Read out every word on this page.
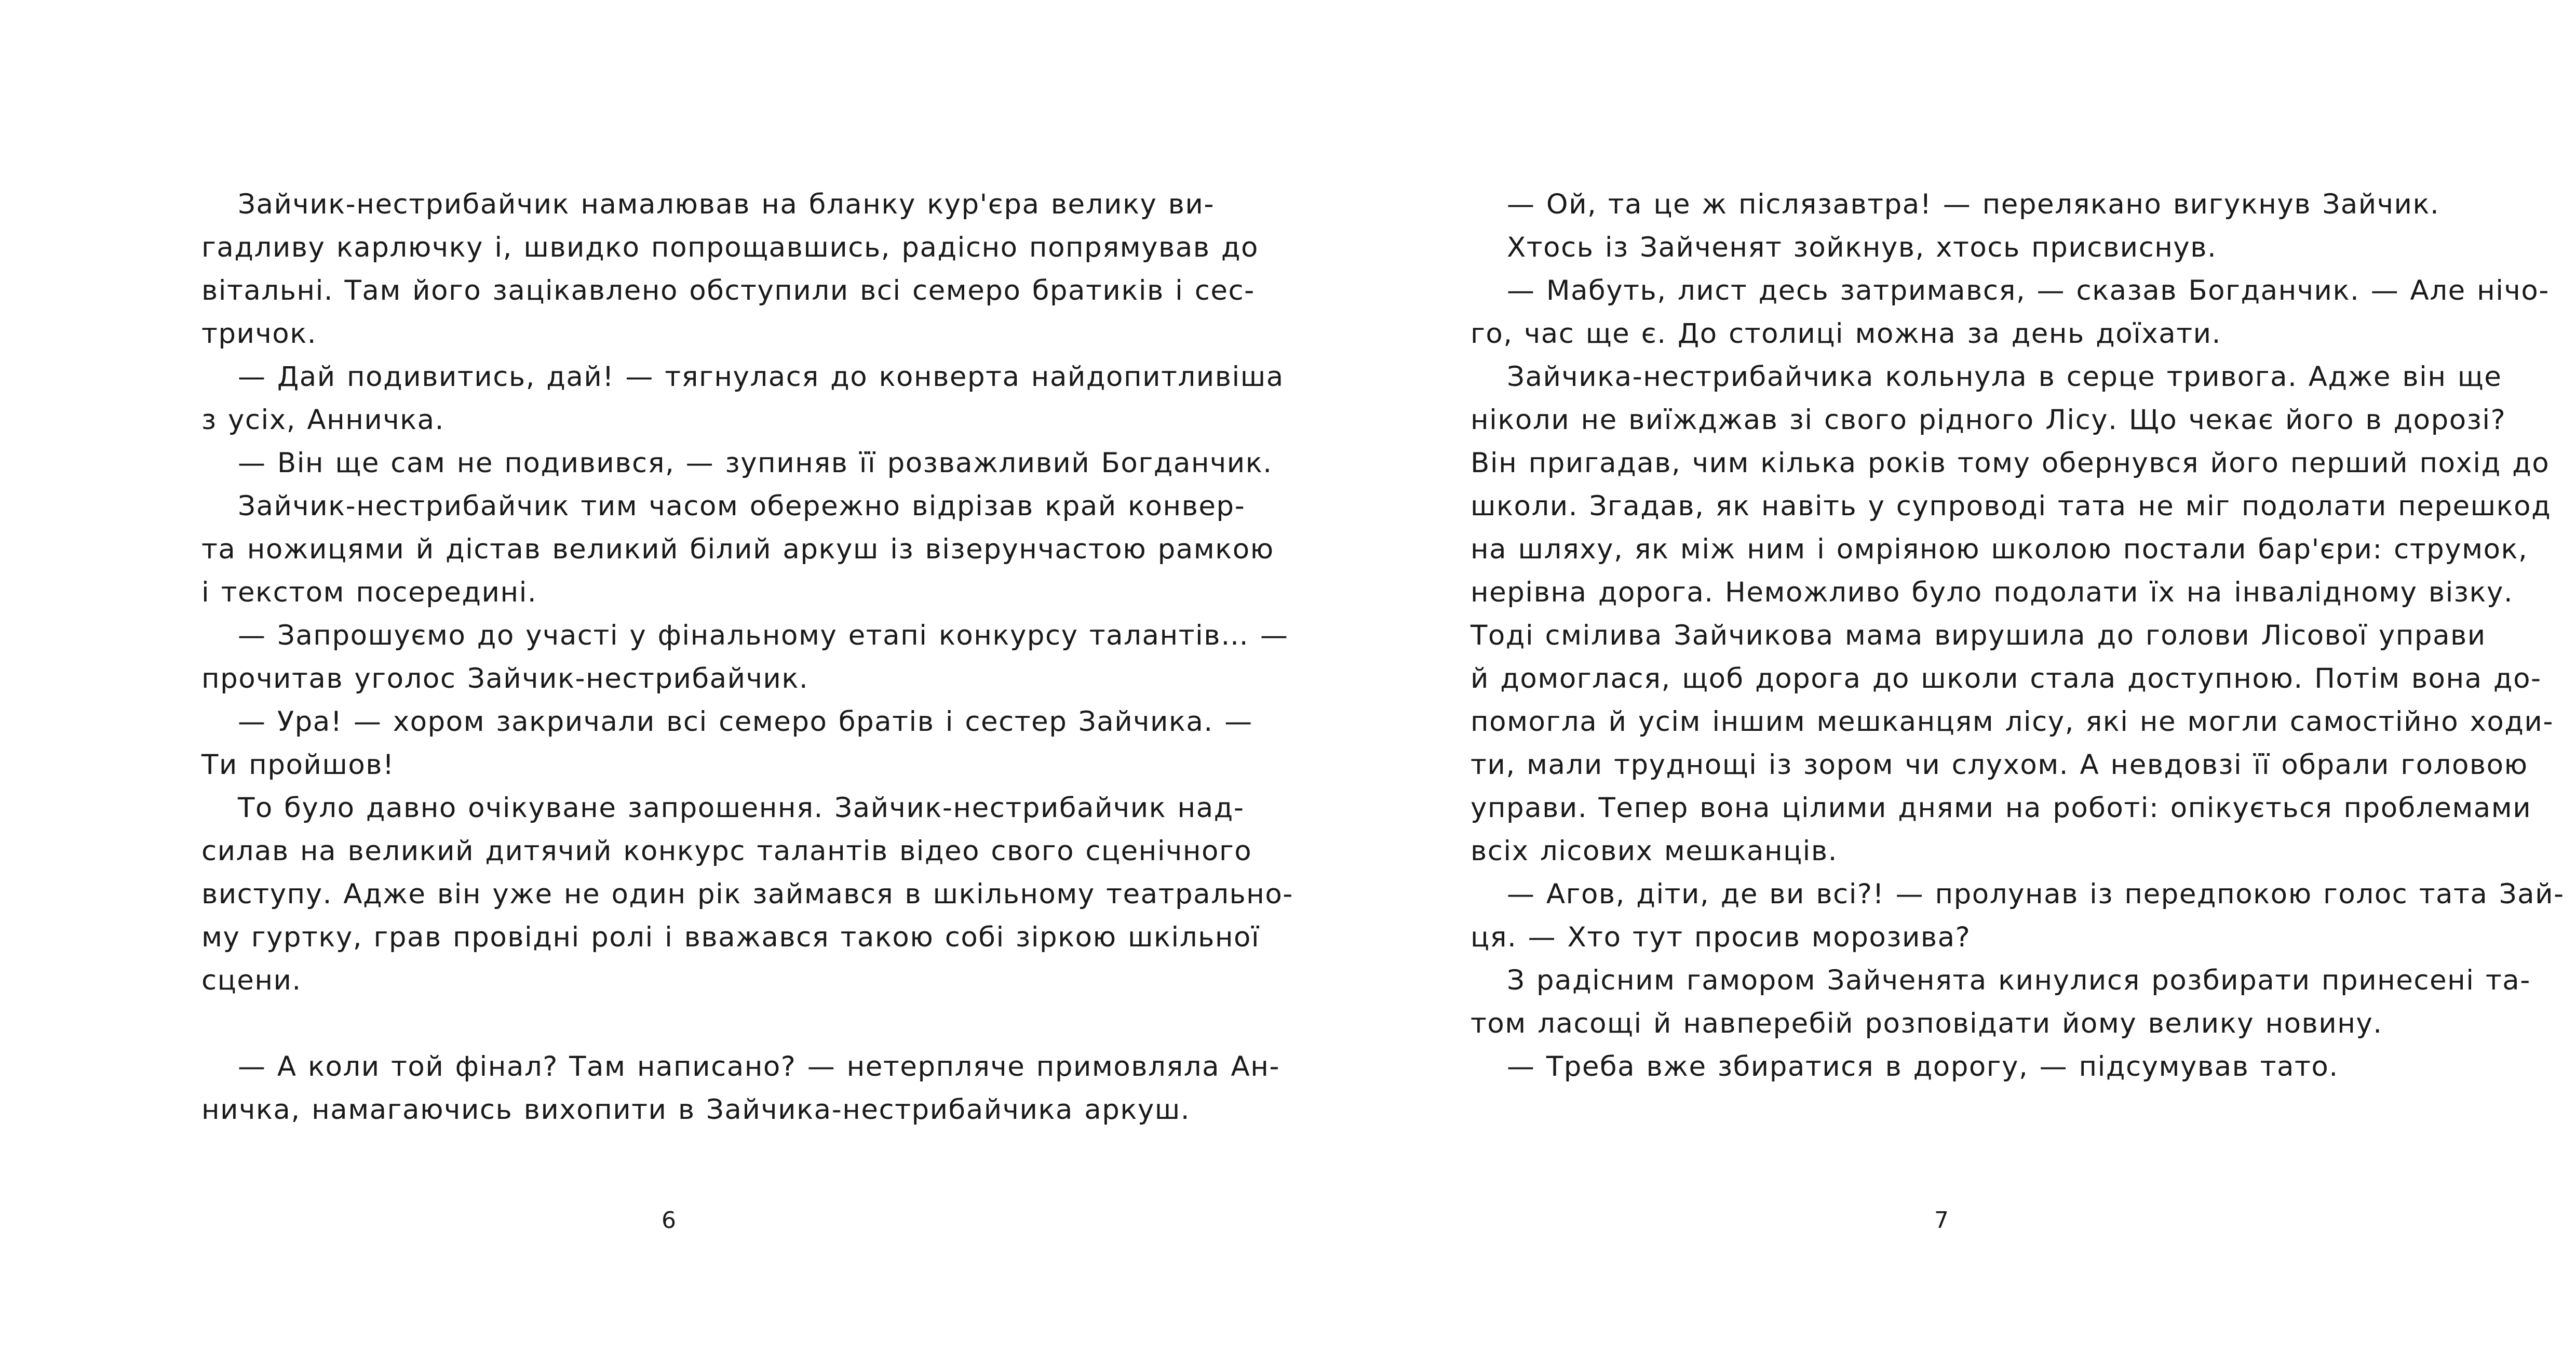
Зайчик-нестрибайчик намалював на бланку кур'єра велику ви-
гадливу карлючку і, швидко попрощавшись, радісно попрямував до
вітальні. Там його зацікавлено обступили всі семеро братиків і сес-
тричок.
— Дай подивитись, дай! — тягнулася до конверта найдопитливіша
з усіх, Анничка.
— Він ще сам не подивився, — зупиняв її розважливий Богданчик.
Зайчик-нестрибайчик тим часом обережно відрізав край конвер-
та ножицями й дістав великий білий аркуш із візерунчастою рамкою
і текстом посередині.
— Запрошуємо до участі у фінальному етапі конкурсу талантів… —
прочитав уголос Зайчик-нестрибайчик.
— Ура! — хором закричали всі семеро братів і сестер Зайчика. —
Ти пройшов!
То було давно очікуване запрошення. Зайчик-нестрибайчик над-
силав на великий дитячий конкурс талантів відео свого сценічного
виступу. Адже він уже не один рік займався в шкільному театрально-
му гуртку, грав провідні ролі і вважався такою собі зіркою шкільної
сцени.
— А коли той фінал? Там написано? — нетерпляче примовляла Ан-
ничка, намагаючись вихопити в Зайчика-нестрибайчика аркуш.
6
— Ой, та це ж післязавтра! — перелякано вигукнув Зайчик.
Хтось із Зайченят зойкнув, хтось присвиснув.
— Мабуть, лист десь затримався, — сказав Богданчик. — Але нічо-
го, час ще є. До столиці можна за день доїхати.
Зайчика-нестрибайчика кольнула в серце тривога. Адже він ще
ніколи не виїжджав зі свого рідного Лісу. Що чекає його в дорозі?
Він пригадав, чим кілька років тому обернувся його перший похід до
школи. Згадав, як навіть у супроводі тата не міг подолати перешкод
на шляху, як між ним і омріяною школою постали бар'єри: струмок,
нерівна дорога. Неможливо було подолати їх на інвалідному візку.
Тоді смілива Зайчикова мама вирушила до голови Лісової управи
й домоглася, щоб дорога до школи стала доступною. Потім вона до-
помогла й усім іншим мешканцям лісу, які не могли самостійно ходи-
ти, мали труднощі із зором чи слухом. А невдовзі її обрали головою
управи. Тепер вона цілими днями на роботі: опікується проблемами
всіх лісових мешканців.
— Агов, діти, де ви всі?! — пролунав із передпокою голос тата Зай-
ця. — Хто тут просив морозива?
З радісним гамором Зайченята кинулися розбирати принесені та-
том ласощі й навперебій розповідати йому велику новину.
— Треба вже збиратися в дорогу, — підсумував тато.
7
